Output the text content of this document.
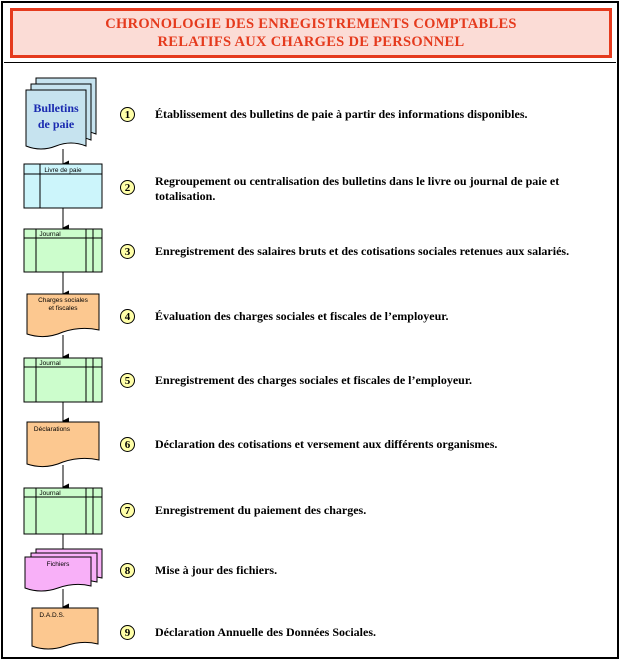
CHRONOLOGIE DES ENREGISTREMENTS COMPTABLES
RELATIFS AUX CHARGES DE PERSONNEL
Bulletins
de paie
Livre de paie
Journal
Charges sociales
et fiscales
Journal
Déclarations
Journal
Fichiers
D.A.D.S.
1	Établissement des bulletins de paie à partir des informations disponibles.
2	Regroupement ou centralisation des bulletins dans le livre ou journal de paie et totalisation.
3	Enregistrement des salaires bruts et des cotisations sociales retenues aux salariés.
4	Évaluation des charges sociales et fiscales de l’employeur.
5	Enregistrement des charges sociales et fiscales de l’employeur.
6	Déclaration des cotisations et versement aux différents organismes.
7	Enregistrement du paiement des charges.
8	Mise à jour des fichiers.
9	Déclaration Annuelle des Données Sociales.
